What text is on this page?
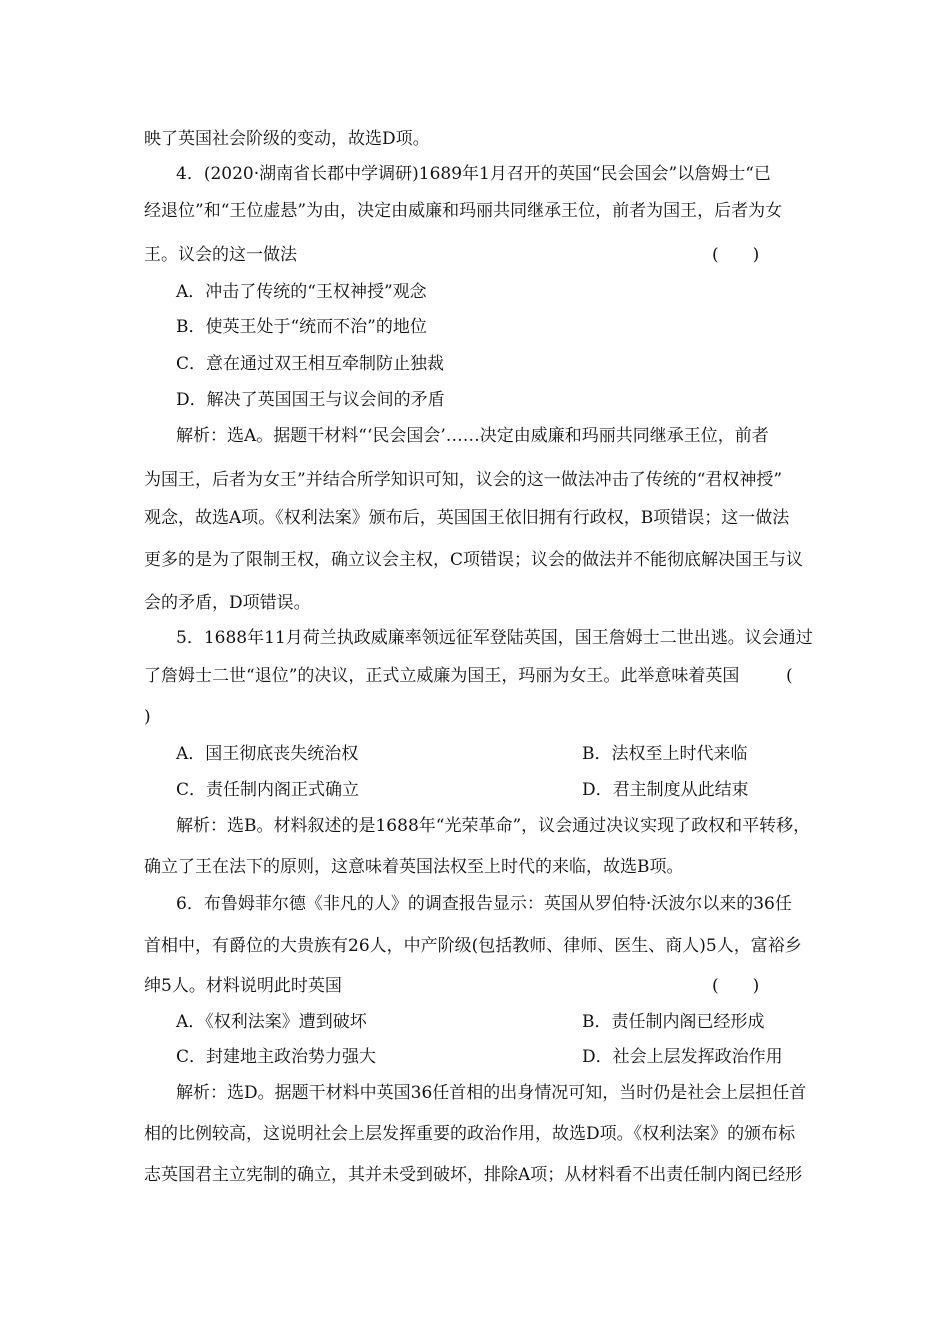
映了英国社会阶级的变动，故选D项。
4．(2020·湖南省长郡中学调研)1689年1月召开的英国“民会国会”以詹姆士“已
经退位”和“王位虚悬”为由，决定由威廉和玛丽共同继承王位，前者为国王，后者为女
王。议会的这一做法	(　　)
A．冲击了传统的“王权神授”观念
B．使英王处于“统而不治”的地位
C．意在通过双王相互牵制防止独裁
D．解决了英国国王与议会间的矛盾
解析：选A。据题干材料“‘民会国会’……决定由威廉和玛丽共同继承王位，前者
为国王，后者为女王”并结合所学知识可知，议会的这一做法冲击了传统的“君权神授”
观念，故选A项。《权利法案》颁布后，英国国王依旧拥有行政权，B项错误；这一做法
更多的是为了限制王权，确立议会主权，C项错误；议会的做法并不能彻底解决国王与议
会的矛盾，D项错误。
5．1688年11月荷兰执政威廉率领远征军登陆英国，国王詹姆士二世出逃。议会通过
了詹姆士二世“退位”的决议，正式立威廉为国王，玛丽为女王。此举意味着英国	(
)
A．国王彻底丧失统治权	B．法权至上时代来临
C．责任制内阁正式确立	D．君主制度从此结束
解析：选B。材料叙述的是1688年“光荣革命”，议会通过决议实现了政权和平转移，
确立了王在法下的原则，这意味着英国法权至上时代的来临，故选B项。
6．布鲁姆菲尔德《非凡的人》的调查报告显示：英国从罗伯特·沃波尔以来的36任
首相中，有爵位的大贵族有26人，中产阶级(包括教师、律师、医生、商人)5人，富裕乡
绅5人。材料说明此时英国	(　　)
A．《权利法案》遭到破坏	B．责任制内阁已经形成
C．封建地主政治势力强大	D．社会上层发挥政治作用
解析：选D。据题干材料中英国36任首相的出身情况可知，当时仍是社会上层担任首
相的比例较高，这说明社会上层发挥重要的政治作用，故选D项。《权利法案》的颁布标
志英国君主立宪制的确立，其并未受到破坏，排除A项；从材料看不出责任制内阁已经形
